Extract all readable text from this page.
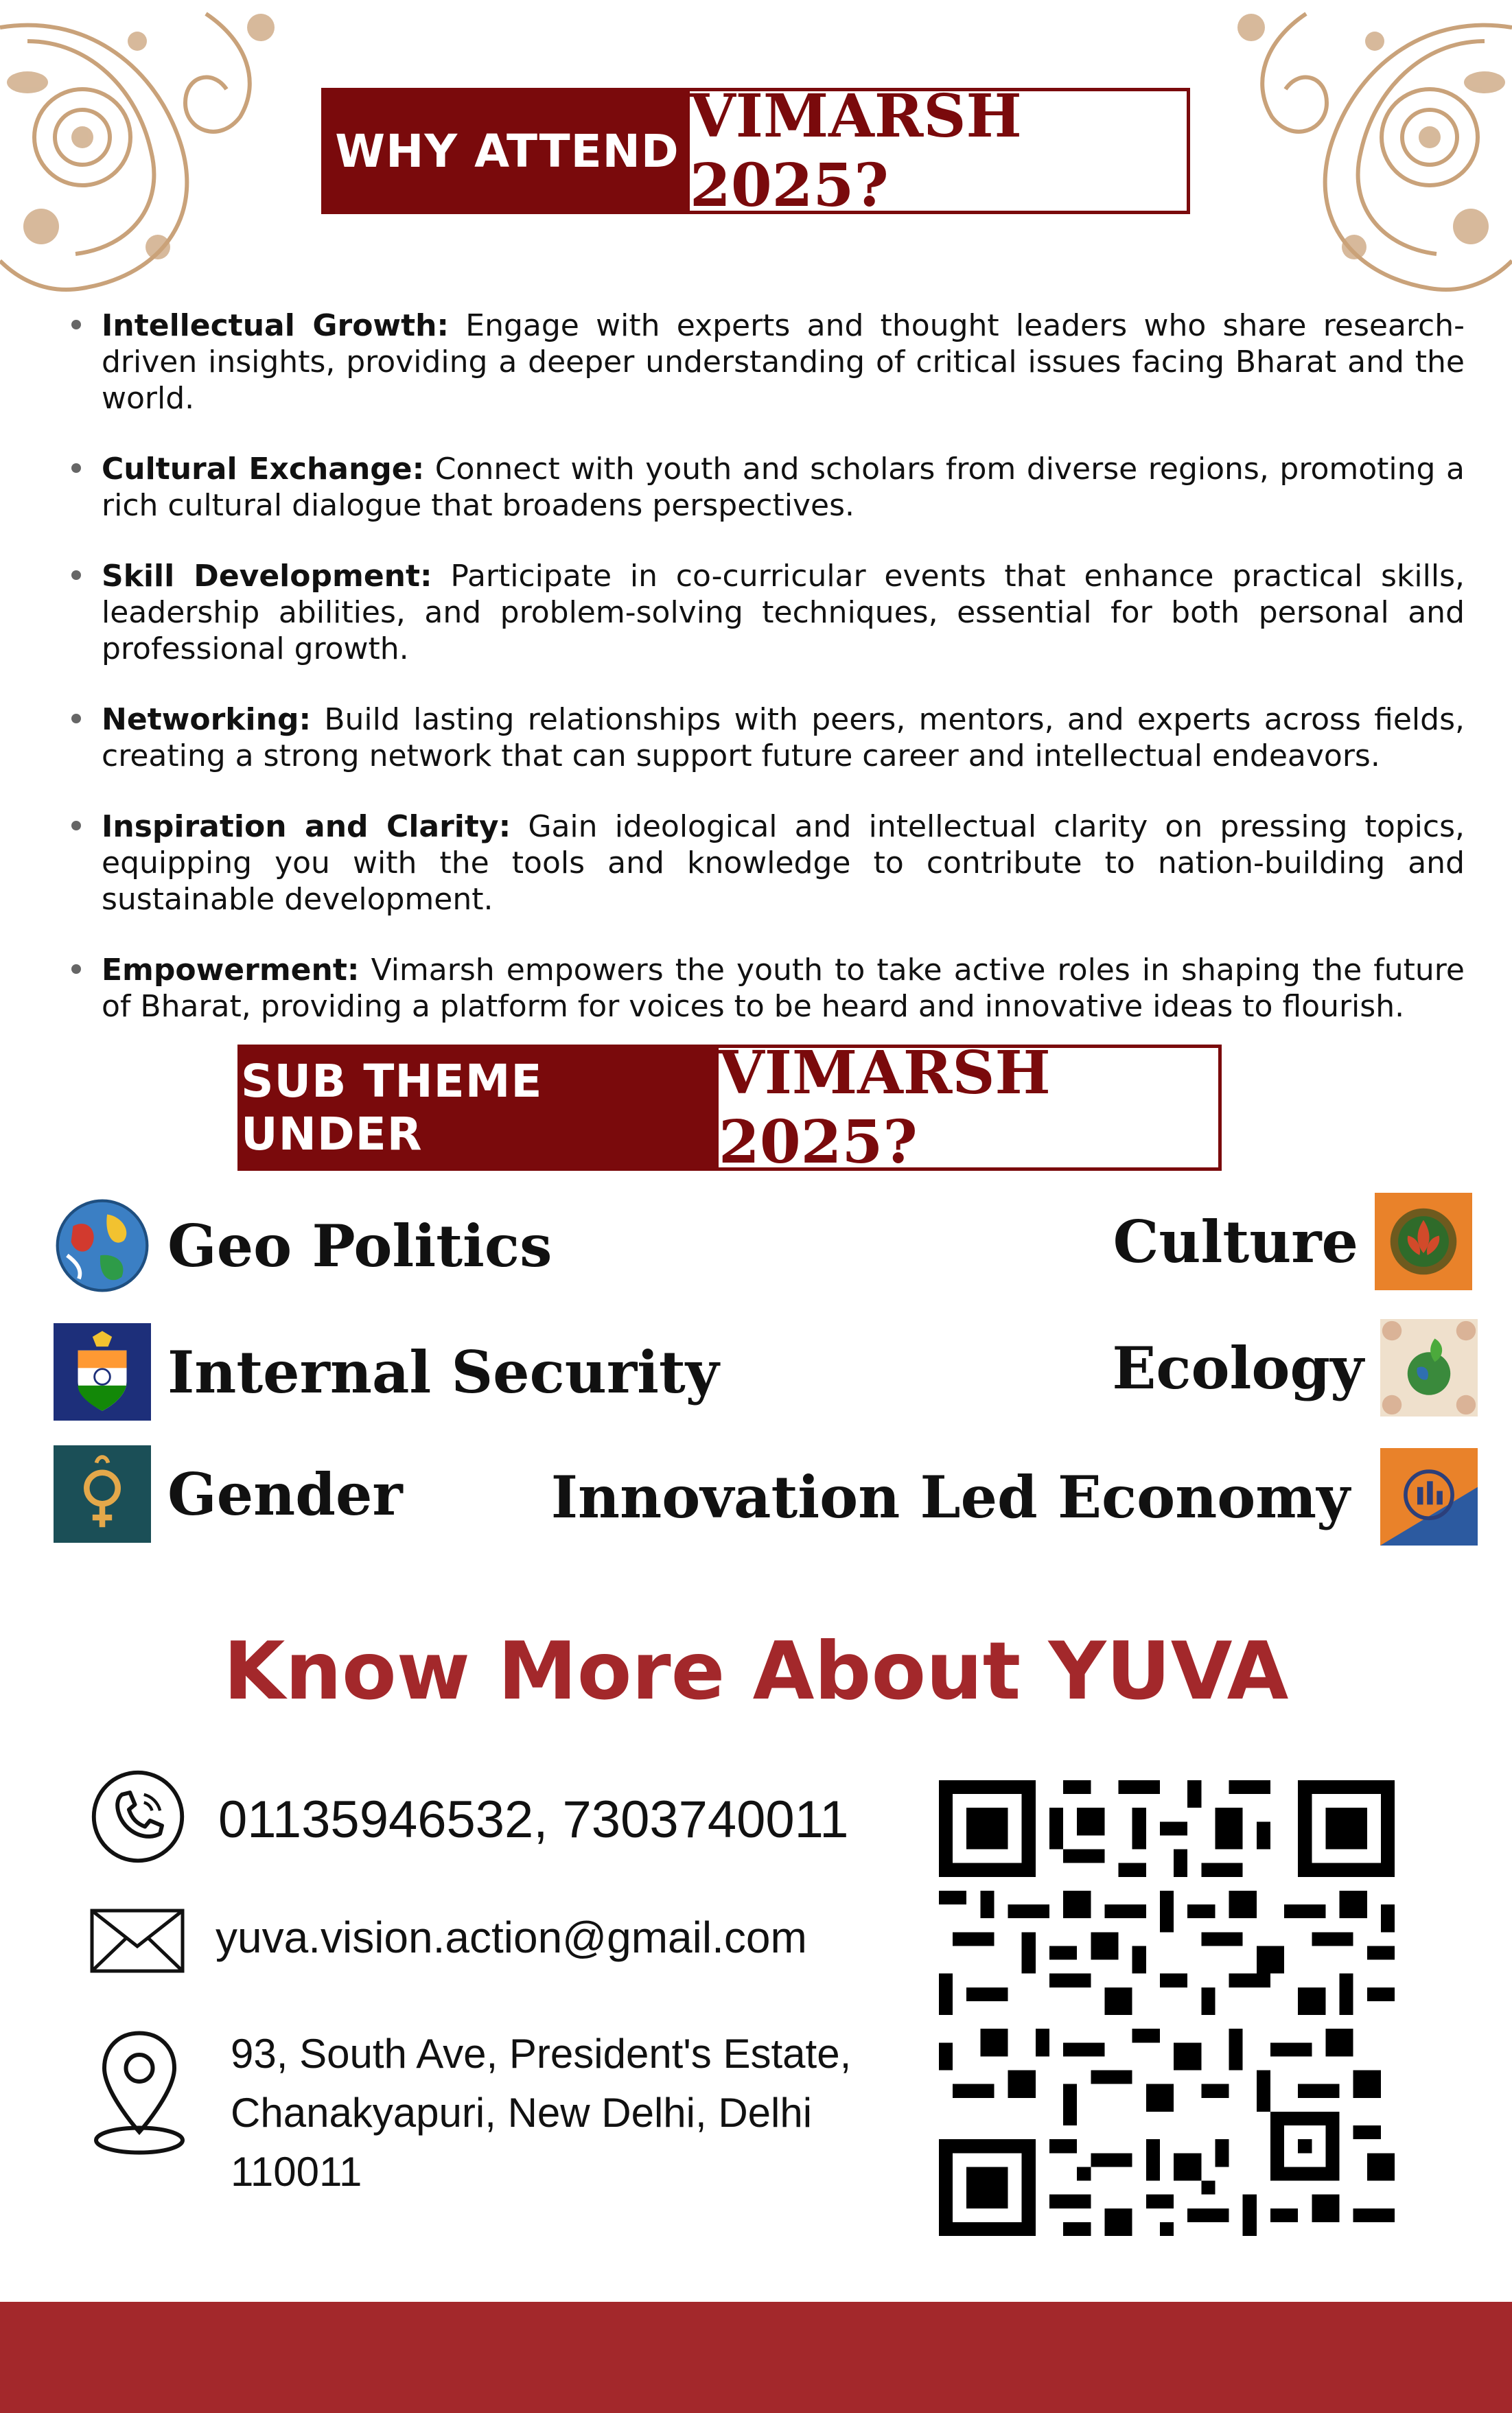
WHY ATTEND VIMARSH 2025?
Intellectual Growth: Engage with experts and thought leaders who share research-driven insights, providing a deeper understanding of critical issues facing Bharat and the world.
Cultural Exchange: Connect with youth and scholars from diverse regions, promoting a rich cultural dialogue that broadens perspectives.
Skill Development: Participate in co-curricular events that enhance practical skills, leadership abilities, and problem-solving techniques, essential for both personal and professional growth.
Networking: Build lasting relationships with peers, mentors, and experts across fields, creating a strong network that can support future career and intellectual endeavors.
Inspiration and Clarity: Gain ideological and intellectual clarity on pressing topics, equipping you with the tools and knowledge to contribute to nation-building and sustainable development.
Empowerment: Vimarsh empowers the youth to take active roles in shaping the future of Bharat, providing a platform for voices to be heard and innovative ideas to flourish.
SUB THEME UNDER
VIMARSH 2025?
Geo Politics
Internal Security
Gender
Culture
Ecology
Innovation Led Economy
Know More About YUVA
01135946532, 7303740011
yuva.vision.action@gmail.com
93, South Ave, President's Estate,
Chanakyapuri, New Delhi, Delhi
110011
